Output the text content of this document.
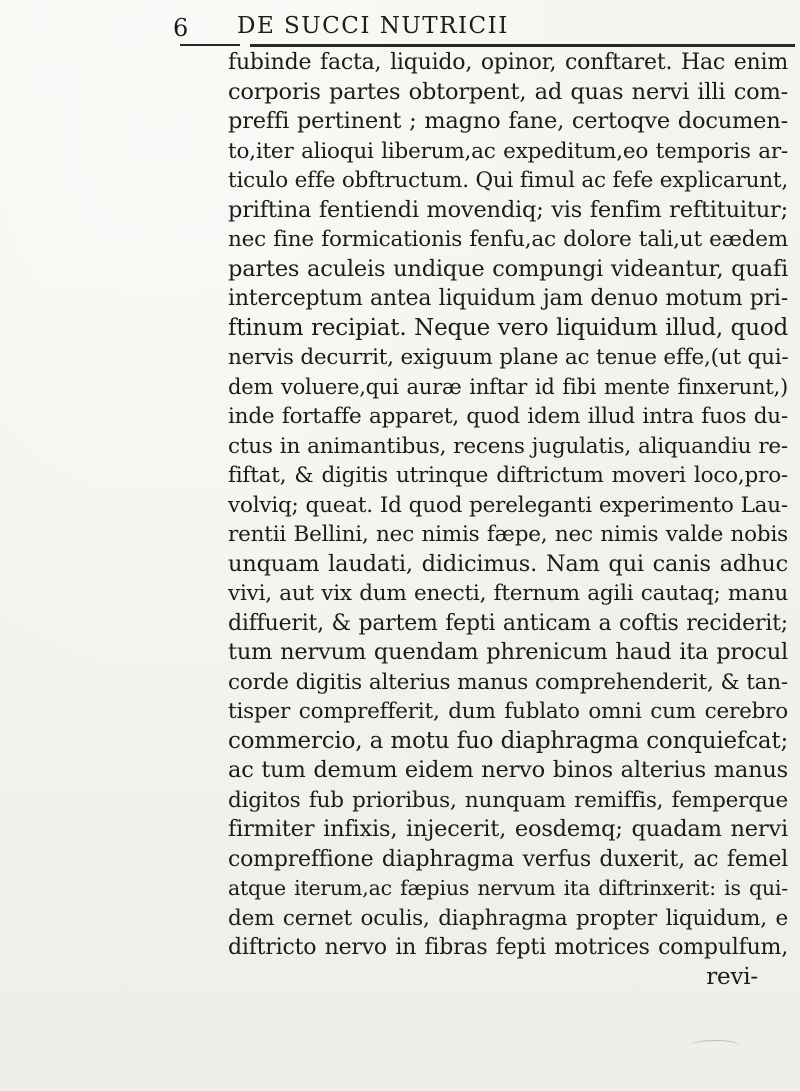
6 DE SUCCI NUTRICII
fubinde facta, liquido, opinor, conftaret. Hac enim
corporis partes obtorpent, ad quas nervi illi com-
preffi pertinent ; magno fane, certoqve documen-
to,iter alioqui liberum,ac expeditum,eo temporis ar-
ticulo effe obftructum. Qui fimul ac fefe explicarunt,
priftina fentiendi movendiq; vis fenfim reftituitur;
nec fine formicationis fenfu,ac dolore tali,ut eædem
partes aculeis undique compungi videantur, quafi
interceptum antea liquidum jam denuo motum pri-
ftinum recipiat. Neque vero liquidum illud, quod
nervis decurrit, exiguum plane ac tenue effe,(ut qui-
dem voluere,qui auræ inftar id fibi mente finxerunt,)
inde fortaffe apparet, quod idem illud intra fuos du-
ctus in animantibus, recens jugulatis, aliquandiu re-
fiftat, & digitis utrinque diftrictum moveri loco,pro-
volviq; queat. Id quod pereleganti experimento Lau-
rentii Bellini, nec nimis fæpe, nec nimis valde nobis
unquam laudati, didicimus. Nam qui canis adhuc
vivi, aut vix dum enecti, fternum agili cautaq; manu
diffuerit, & partem fepti anticam a coftis reciderit;
tum nervum quendam phrenicum haud ita procul
corde digitis alterius manus comprehenderit, & tan-
tisper comprefferit, dum fublato omni cum cerebro
commercio, a motu fuo diaphragma conquiefcat;
ac tum demum eidem nervo binos alterius manus
digitos fub prioribus, nunquam remiffis, femperque
firmiter infixis, injecerit, eosdemq; quadam nervi
compreffione diaphragma verfus duxerit, ac femel
atque iterum,ac fæpius nervum ita diftrinxerit: is qui-
dem cernet oculis, diaphragma propter liquidum, e
diftricto nervo in fibras fepti motrices compulfum,
revi-
